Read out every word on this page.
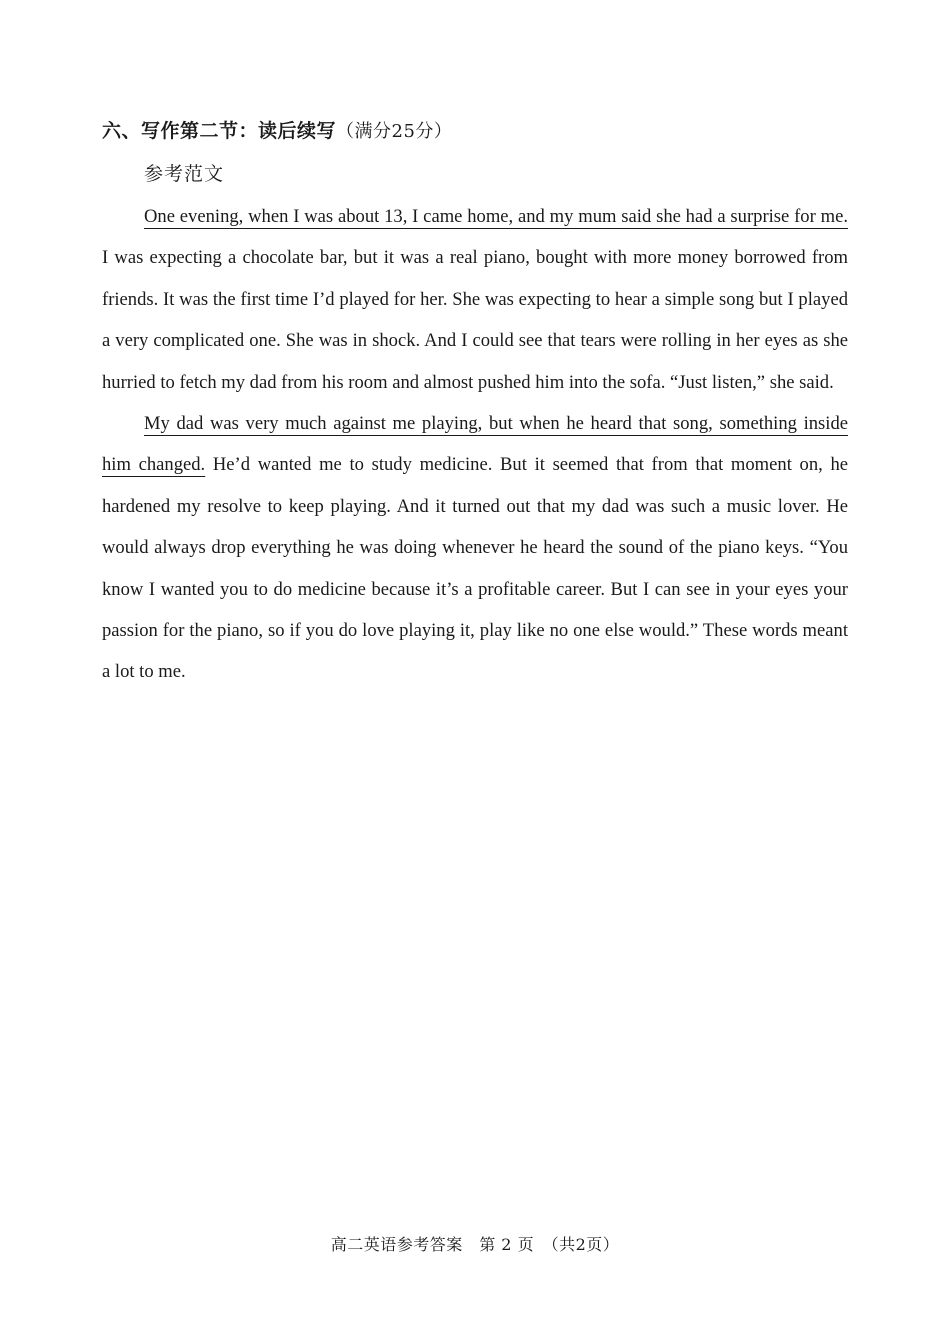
六、写作第二节：读后续写（满分25分）
参考范文

One evening, when I was about 13, I came home, and my mum said she had a surprise for me. I was expecting a chocolate bar, but it was a real piano, bought with more money borrowed from friends. It was the first time I’d played for her. She was expecting to hear a simple song but I played a very complicated one. She was in shock. And I could see that tears were rolling in her eyes as she hurried to fetch my dad from his room and almost pushed him into the sofa. “Just listen,” she said.

My dad was very much against me playing, but when he heard that song, something inside him changed. He’d wanted me to study medicine. But it seemed that from that moment on, he hardened my resolve to keep playing. And it turned out that my dad was such a music lover. He would always drop everything he was doing whenever he heard the sound of the piano keys. “You know I wanted you to do medicine because it’s a profitable career. But I can see in your eyes your passion for the piano, so if you do love playing it, play like no one else would.” These words meant a lot to me.

高二英语参考答案　第 2 页　（共2页）
